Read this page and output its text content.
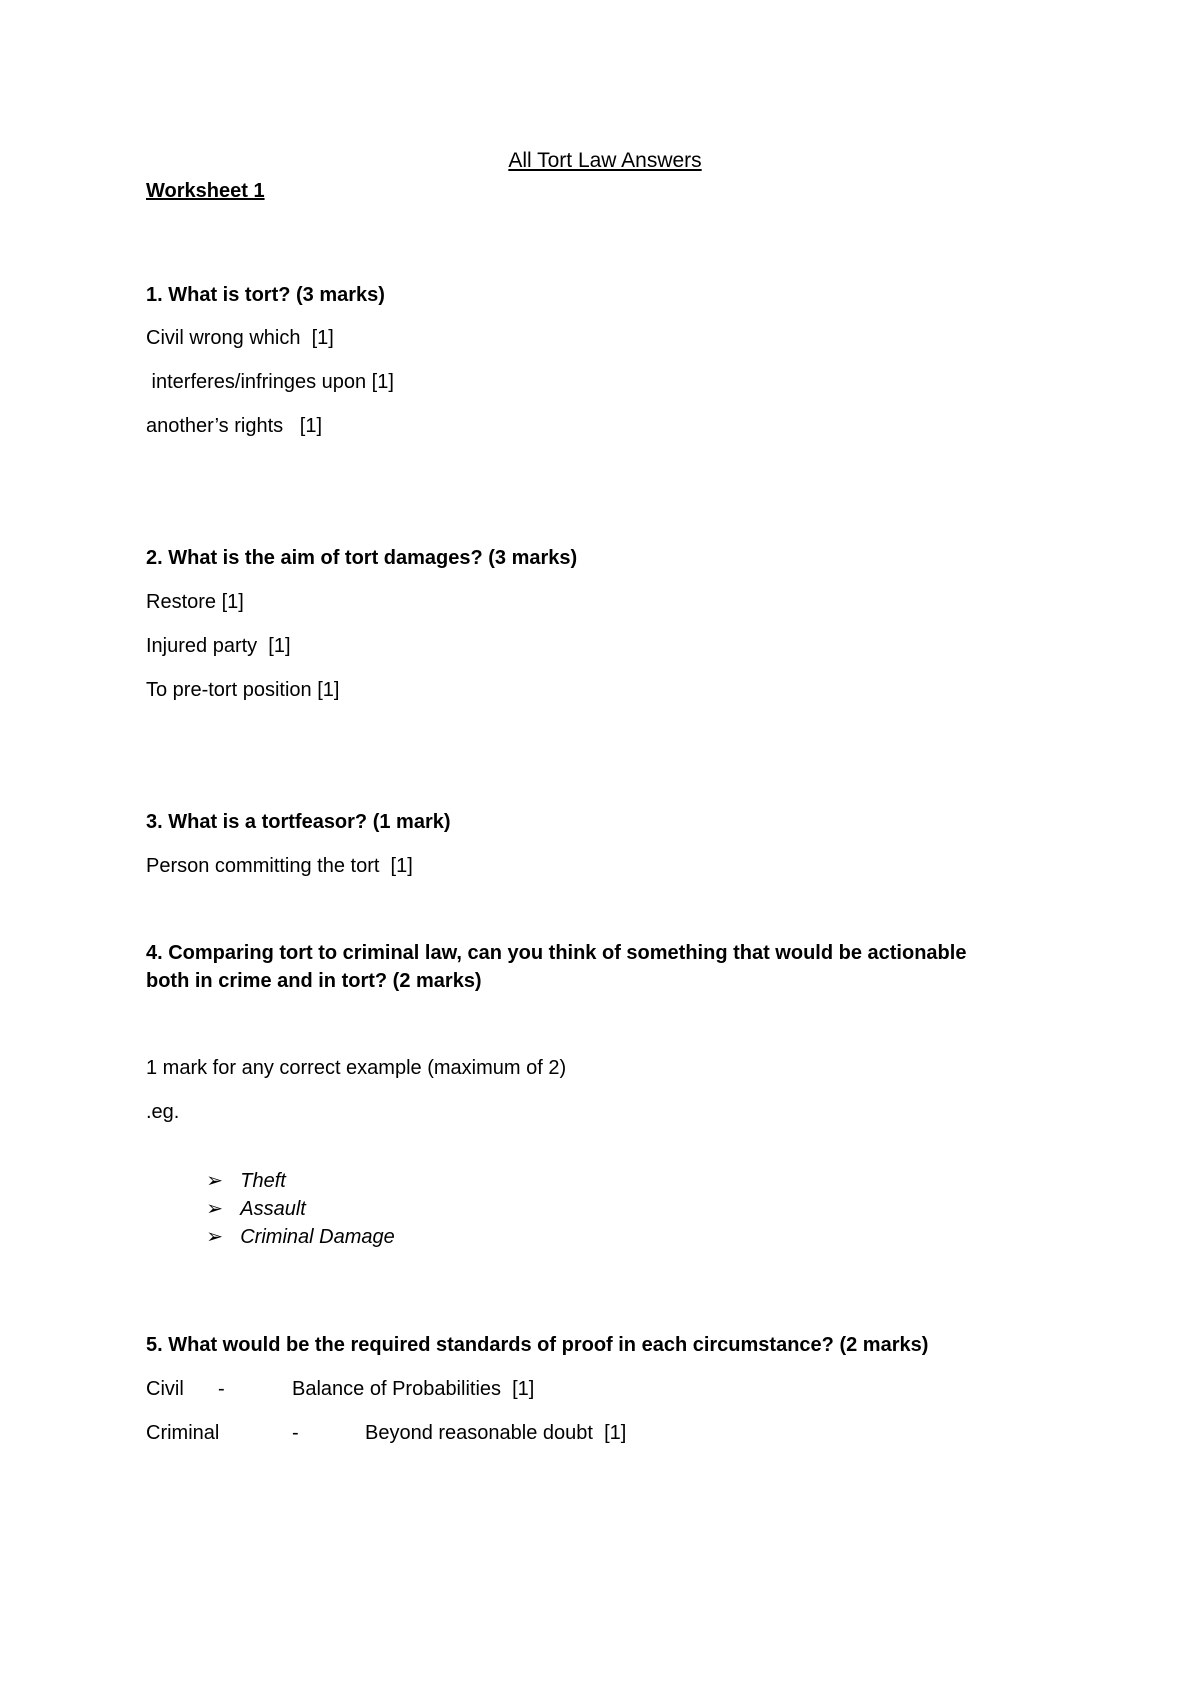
All Tort Law Answers
Worksheet 1
1. What is tort? (3 marks)
Civil wrong which  [1]
interferes/infringes upon [1]
another’s rights   [1]
2. What is the aim of tort damages? (3 marks)
Restore [1]
Injured party  [1]
To pre-tort position [1]
3. What is a tortfeasor? (1 mark)
Person committing the tort  [1]
4. Comparing tort to criminal law, can you think of something that would be actionable
both in crime and in tort? (2 marks)
1 mark for any correct example (maximum of 2)
.eg.

➢ Theft

➢ Assault

➢ Criminal Damage

5. What would be the required standards of proof in each circumstance? (2 marks)
Civil -	Balance of Probabilities  [1]
Criminal	-	Beyond reasonable doubt  [1]
